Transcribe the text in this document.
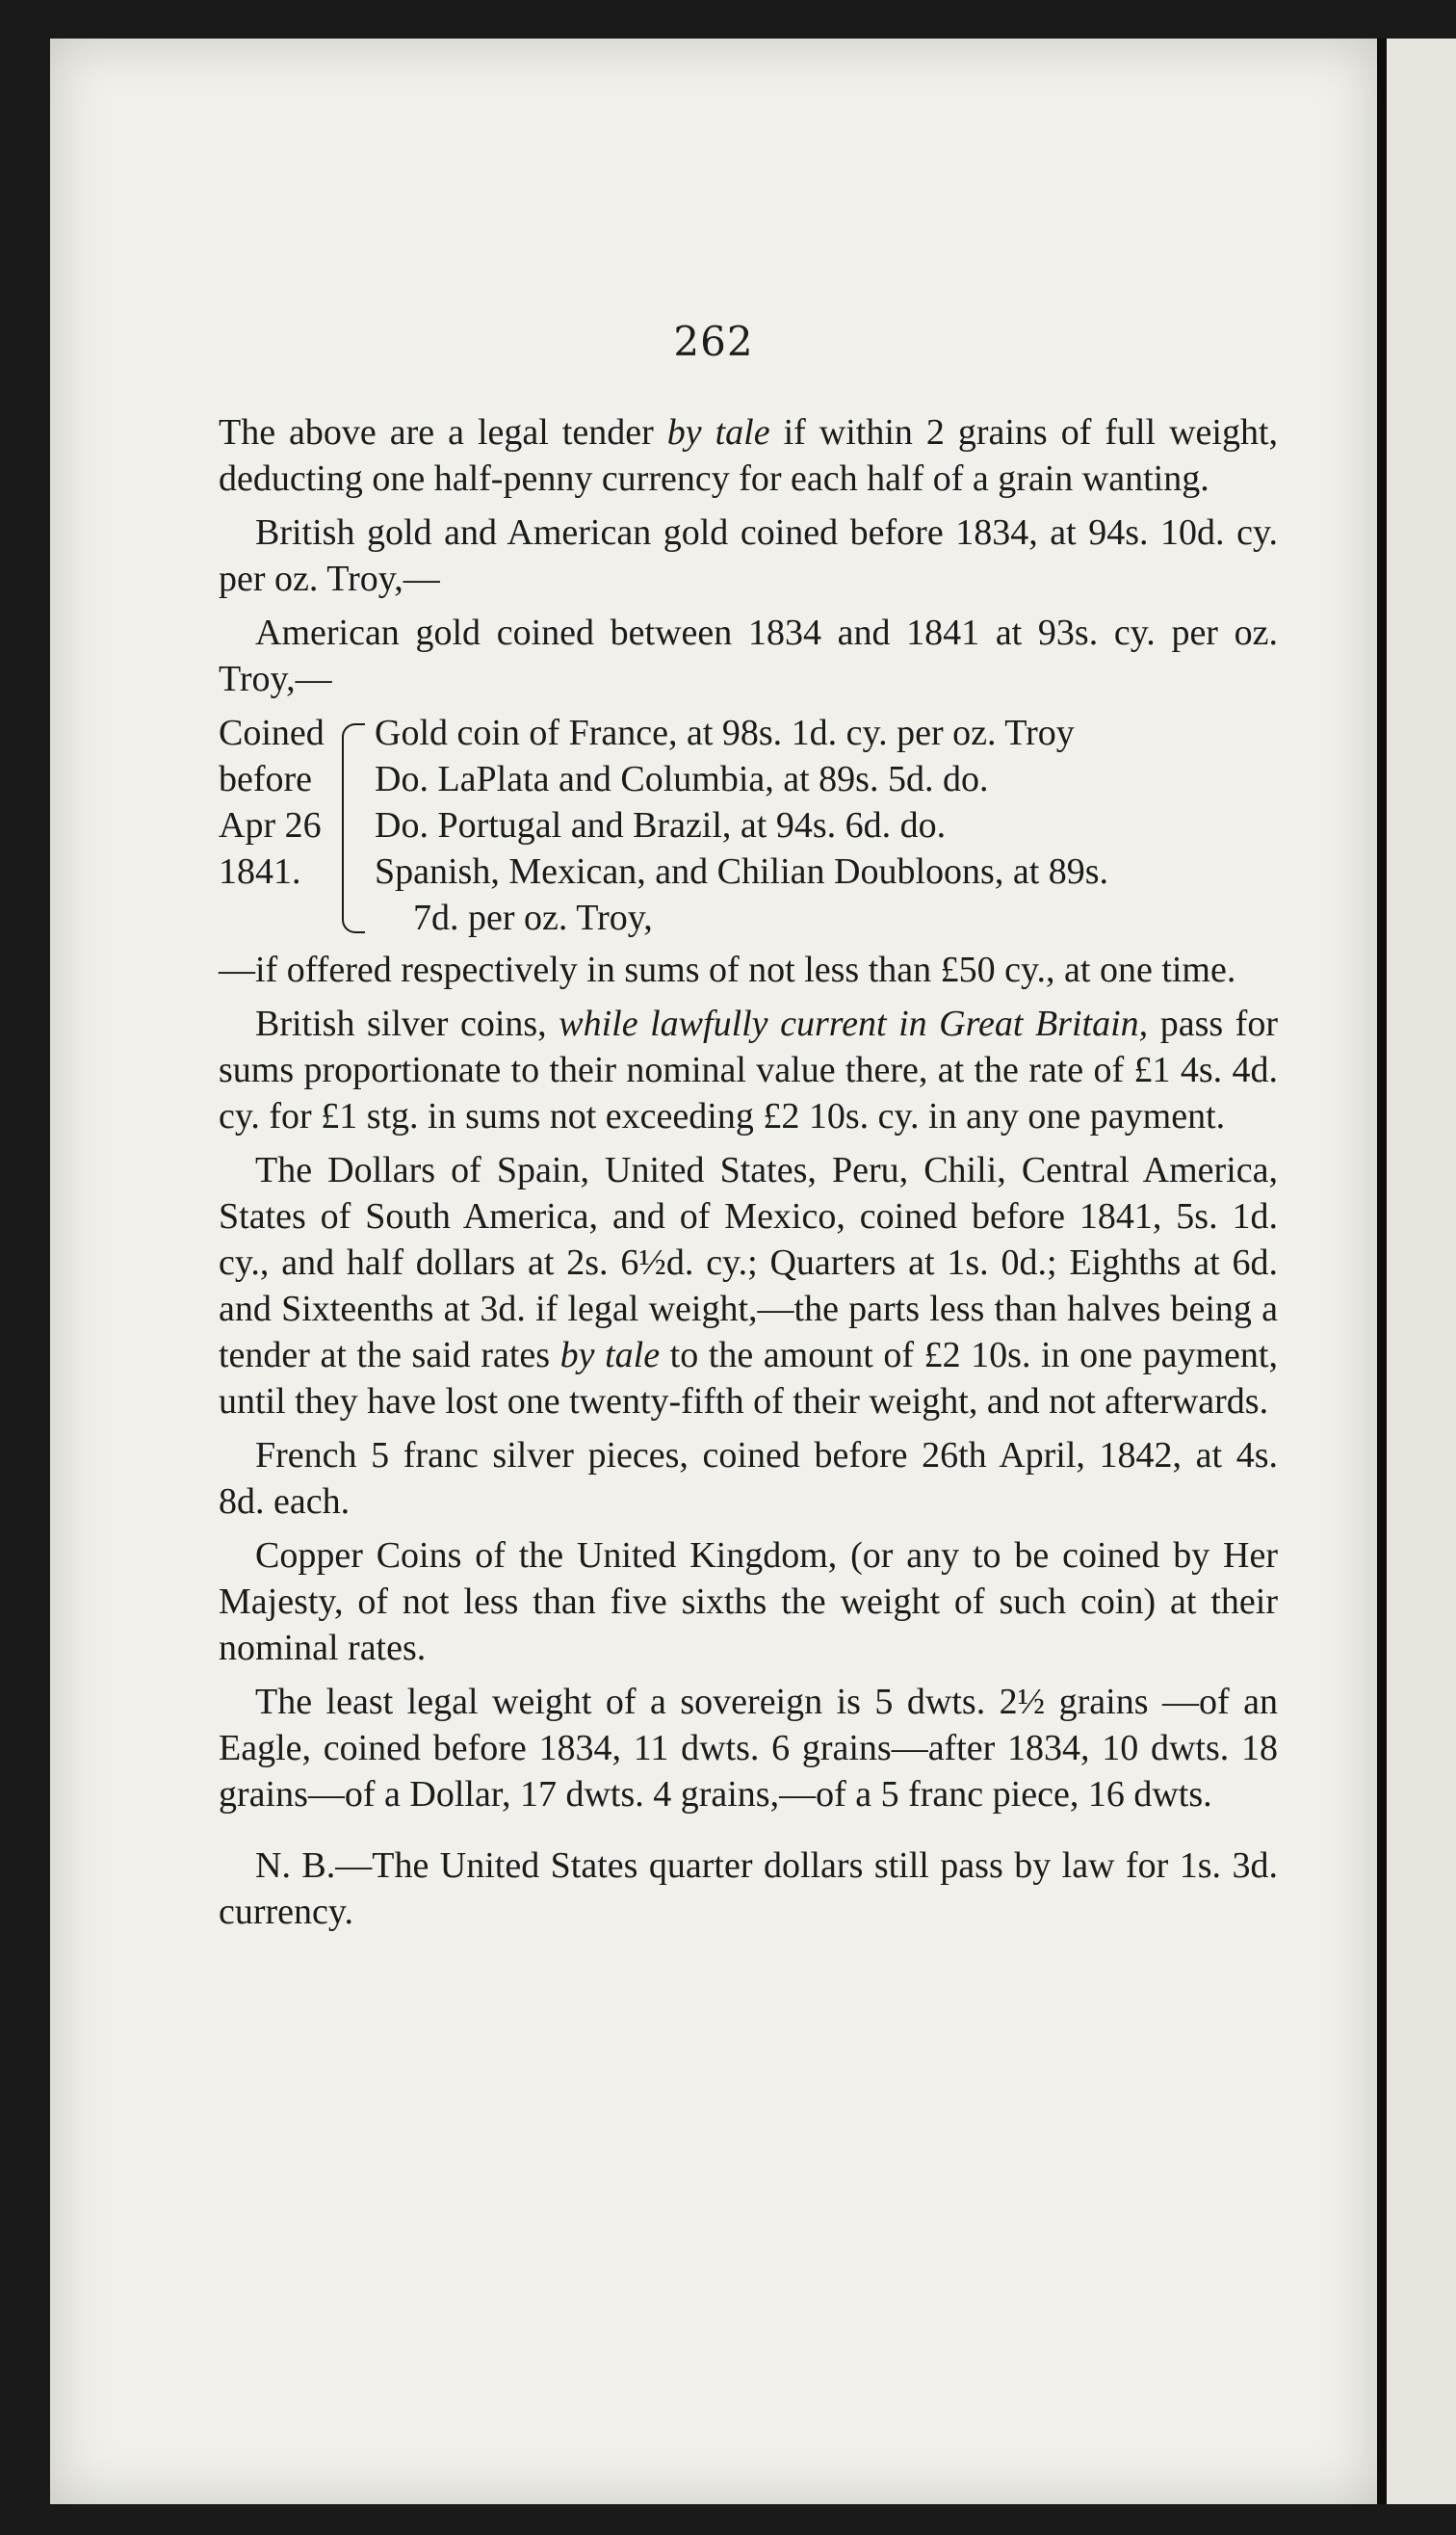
262

The above are a legal tender by tale if within 2 grains of full weight, deducting one half-penny currency for each half of a grain wanting.

British gold and American gold coined before 1834, at 94s. 10d. cy. per oz. Troy,—

American gold coined between 1834 and 1841 at 93s. cy. per oz. Troy,—

Coined
before
Apr 26
1841.
Gold coin of France, at 98s. 1d. cy. per oz. Troy
Do. LaPlata and Columbia, at 89s. 5d. do.
Do. Portugal and Brazil, at 94s. 6d. do.
Spanish, Mexican, and Chilian Doubloons, at 89s.
7d. per oz. Troy,

—if offered respectively in sums of not less than £50 cy., at one time.

British silver coins, while lawfully current in Great Britain, pass for sums proportionate to their nominal value there, at the rate of £1 4s. 4d. cy. for £1 stg. in sums not exceeding £2 10s. cy. in any one payment.

The Dollars of Spain, United States, Peru, Chili, Central America, States of South America, and of Mexico, coined before 1841, 5s. 1d. cy., and half dollars at 2s. 6½d. cy.; Quarters at 1s. 0d.; Eighths at 6d. and Sixteenths at 3d. if legal weight,—the parts less than halves being a tender at the said rates by tale to the amount of £2 10s. in one payment, until they have lost one twenty-fifth of their weight, and not afterwards.

French 5 franc silver pieces, coined before 26th April, 1842, at 4s. 8d. each.

Copper Coins of the United Kingdom, (or any to be coined by Her Majesty, of not less than five sixths the weight of such coin) at their nominal rates.

The least legal weight of a sovereign is 5 dwts. 2½ grains —of an Eagle, coined before 1834, 11 dwts. 6 grains—after 1834, 10 dwts. 18 grains—of a Dollar, 17 dwts. 4 grains,—of a 5 franc piece, 16 dwts.

N. B.—The United States quarter dollars still pass by law for 1s. 3d. currency.
